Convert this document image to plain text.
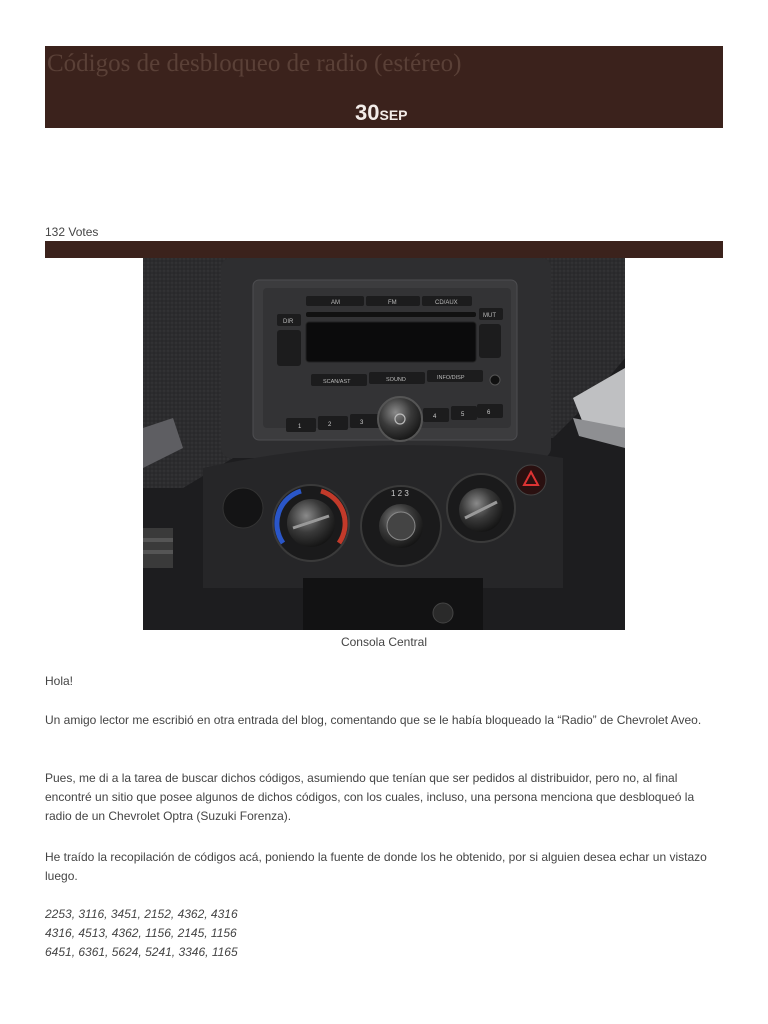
Códigos de desbloqueo de radio (estéreo)
30SEP
132 Votes
AM	FM	CD/AUX
DIR
MUT
SCAN/AST	SOUND	INFO/DISP
1	2	3
4	5	6
1 2 3
Consola Central

Hola!

Un amigo lector me escribió en otra entrada del blog, comentando que se le había bloqueado la “Radio” de Chevrolet Aveo.

Pues, me di a la tarea de buscar dichos códigos, asumiendo que tenían que ser pedidos al distribuidor, pero no, al final encontré un sitio que posee algunos de dichos códigos, con los cuales, incluso, una persona menciona que desbloqueó la radio de un Chevrolet Optra (Suzuki Forenza).

He traído la recopilación de códigos acá, poniendo la fuente de donde los he obtenido, por si alguien desea echar un vistazo luego.

2253, 3116, 3451, 2152, 4362, 4316
4316, 4513, 4362, 1156, 2145, 1156
6451, 6361, 5624, 5241, 3346, 1165
